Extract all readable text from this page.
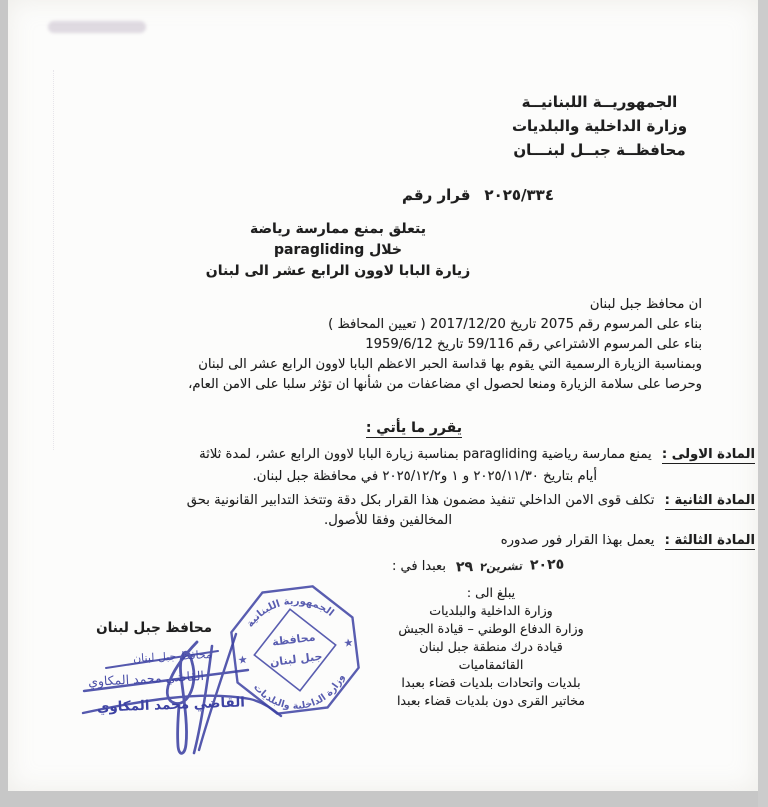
الجمهوريــة اللبنانيــة
وزارة الداخلية والبلديات
محافظــة جبــل لبنـــان
قرار رقم ٢٠٢٥/٣٣٤
يتعلق بمنع ممارسة رياضة
خلال paragliding
زيارة البابا لاوون الرابع عشر الى لبنان
ان محافظ جبل لبنان
بناء على المرسوم رقم 2075 تاريخ 2017/12/20 ( تعيين المحافظ )
بناء على المرسوم الاشتراعي رقم 59/116 تاريخ 1959/6/12
وبمناسبة الزيارة الرسمية التي يقوم بها قداسة الحبر الاعظم البابا لاوون الرابع عشر الى لبنان
وحرصا على سلامة الزيارة ومنعا لحصول اي مضاعفات من شأنها ان تؤثر سلبا على الامن العام،
يقرر ما يأتي :
المادة الاولى : يمنع ممارسة رياضية paragliding بمناسبة زيارة البابا لاوون الرابع عشر، لمدة ثلاثة
أيام بتاريخ ٢٠٢٥/١١/٣٠ و ١ و٢٠٢٥/١٢/٢ في محافظة جبل لبنان.
المادة الثانية : تكلف قوى الامن الداخلي تنفيذ مضمون هذا القرار بكل دقة وتتخذ التدابير القانونية بحق
المخالفين وفقا للأصول.
المادة الثالثة : يعمل بهذا القرار فور صدوره
بعبدا في : ٢٩ تشرين٢ ٢٠٢٥
يبلغ الى :
وزارة الداخلية والبلديات
وزارة الدفاع الوطني – قيادة الجيش
قيادة درك منطقة جبل لبنان
القائمقاميات
بلديات واتحادات بلديات قضاء بعبدا
مخاتير القرى دون بلديات قضاء بعبدا
محافظ جبل لبنان
محافظ جبل لبنان
القاضي محمد المكاوي
القاضي محمد المكاوي
الجمهورية اللبنانية
وزارة الداخلية والبلديات
محافظة
جبل لبنان
★
★
